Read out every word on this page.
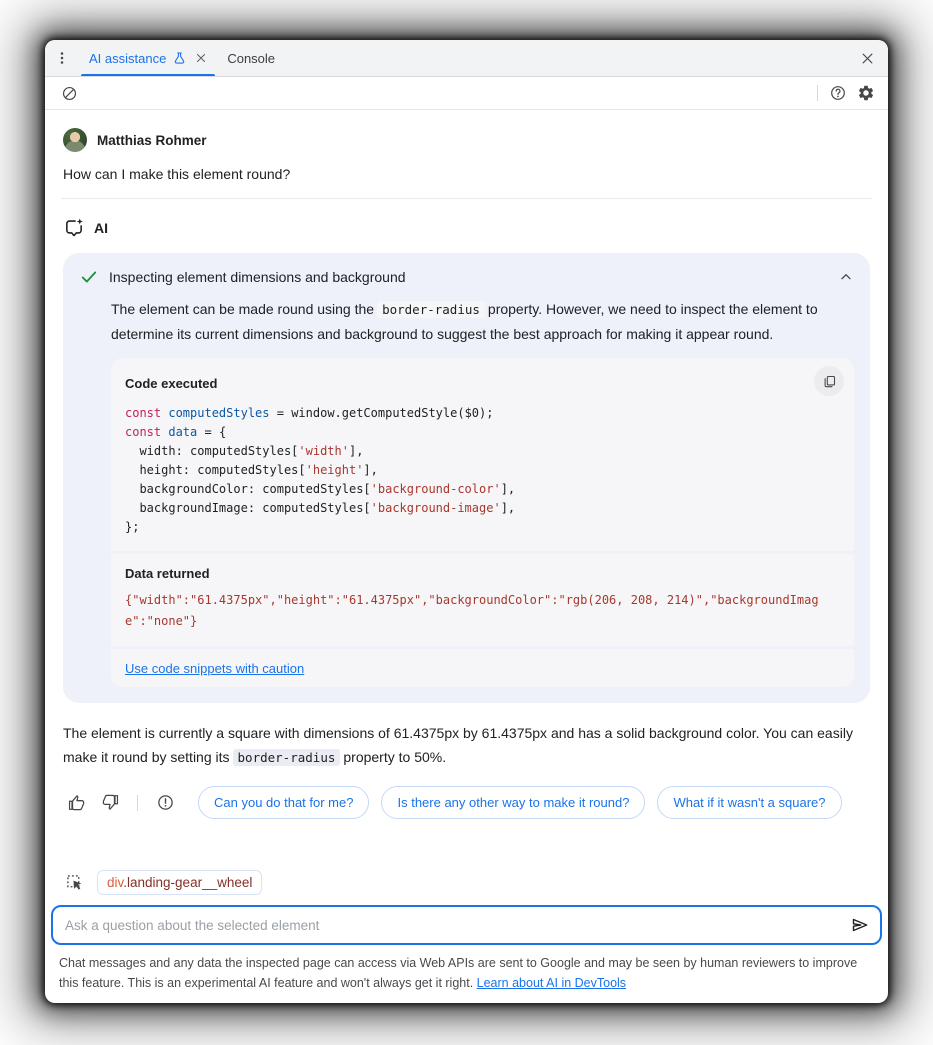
AI assistance	Console
Matthias Rohmer
How can I make this element round?
AI
Inspecting element dimensions and background
The element can be made round using the border-radius property. However, we need to inspect the element to determine its current dimensions and background to suggest the best approach for making it appear round.
Code executed
const computedStyles = window.getComputedStyle($0);
const data = {
width: computedStyles['width'],
height: computedStyles['height'],
backgroundColor: computedStyles['background-color'],
backgroundImage: computedStyles['background-image'],
};
Data returned
{"width":"61.4375px","height":"61.4375px","backgroundColor":"rgb(206, 208, 214)","backgroundImage":"none"}
Use code snippets with caution
The element is currently a square with dimensions of 61.4375px by 61.4375px and has a solid background color. You can easily make it round by setting its border-radius property to 50%.
Can you do that for me?	Is there any other way to make it round?	What if it wasn't a square?
div.landing-gear__wheel
Ask a question about the selected element
Chat messages and any data the inspected page can access via Web APIs are sent to Google and may be seen by human reviewers to improve this feature. This is an experimental AI feature and won't always get it right. Learn about AI in DevTools
